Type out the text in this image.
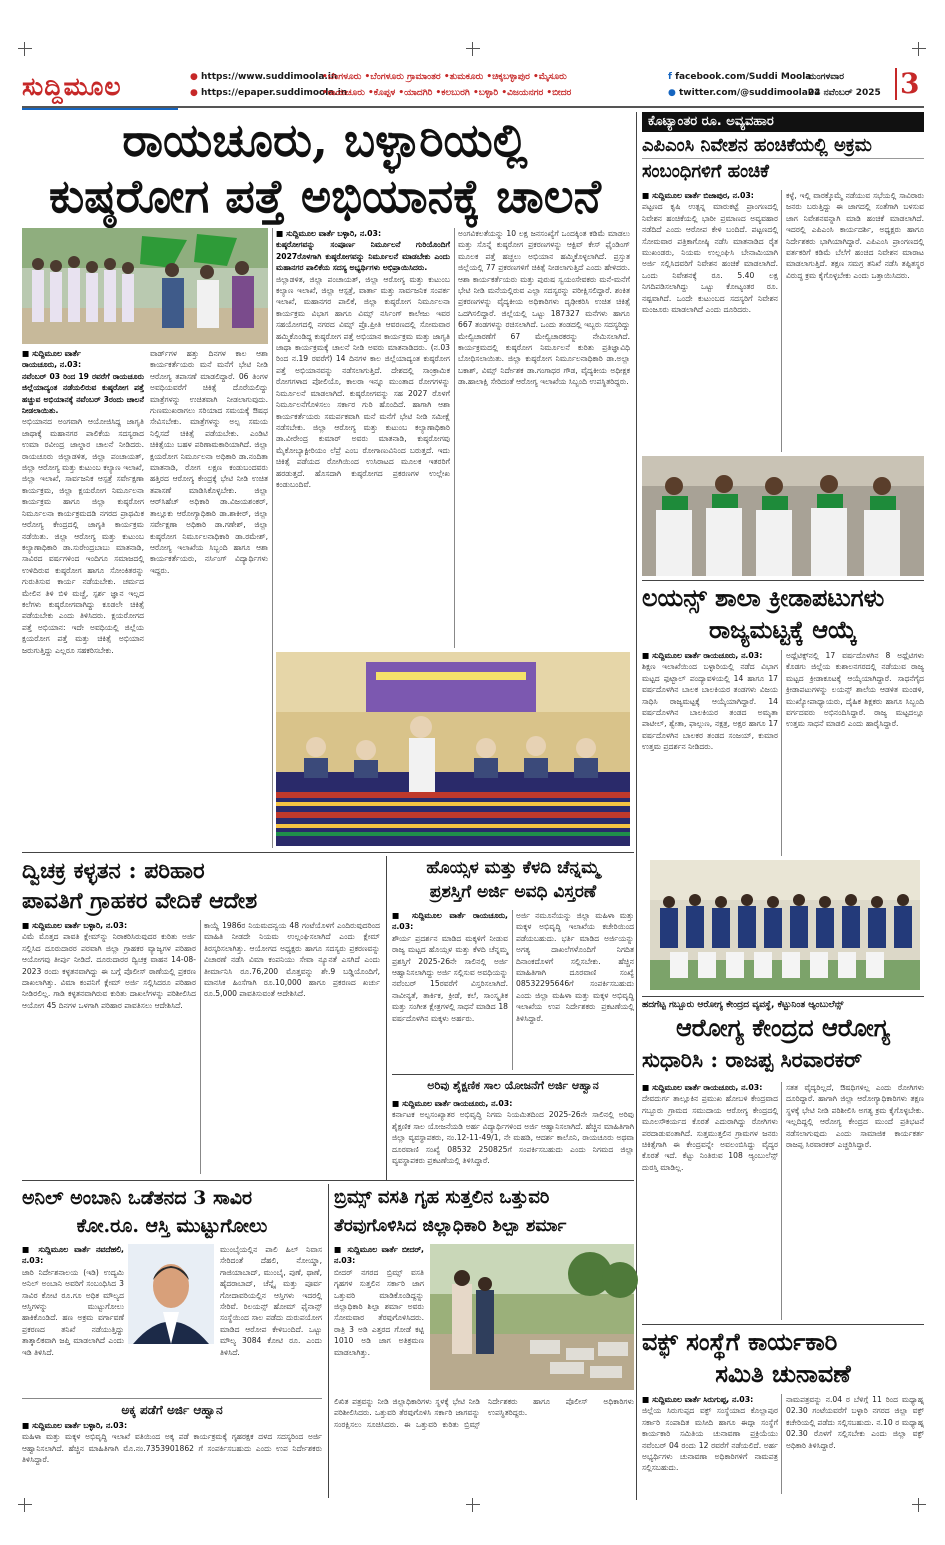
ಸುದ್ದಿಮೂಲ	● https://www.suddimoola.in
● https://epaper.suddimoola.in
•ಬೆಂಗಳೂರು •ಬೆಂಗಳೂರು ಗ್ರಾಮಾಂತರ •ತುಮಕೂರು •ಚಿಕ್ಕಬಳ್ಳಾಪುರ •ಮೈಸೂರು
•ರಾಯಚೂರು •ಕೊಪ್ಪಳ •ಯಾದಗಿರಿ •ಕಲಬುರಗಿ •ಬಳ್ಳಾರಿ •ವಿಜಯನಗರ •ಬೀದರ
f facebook.com/Suddi Moola
● twitter.com/@suddimoola22
ಮಂಗಳವಾರ
04 ನವೆಂಬರ್ 2025 3
ರಾಯಚೂರು, ಬಳ್ಳಾರಿಯಲ್ಲಿ
ಕುಷ್ಠರೋಗ ಪತ್ತೆ ಅಭಿಯಾನಕ್ಕೆ ಚಾಲನೆ
■ ಸುದ್ದಿಮೂಲ ವಾರ್ತೆ
ರಾಯಚೂರು, ನ.03:
ನವೆಂಬರ್ 03 ರಿಂದ 19 ರವರೆಗೆ ರಾಯಚೂರು ಜಿಲ್ಲೆಯಾದ್ಯಂತ ನಡೆಯಲಿರುವ ಕುಷ್ಠರೋಗ ಪತ್ತೆ ಹಚ್ಚುವ ಅಭಿಯಾನಕ್ಕೆ ನವೆಂಬರ್ 3ರಂದು ಚಾಲನೆ ನೀಡಲಾಯಿತು.
ಅಭಿಯಾನದ ಅಂಗವಾಗಿ ಆಯೋಜಿಸಿದ್ದ ಜಾಗೃತಿ ಜಾಥಾಕ್ಕೆ ಮಹಾನಗರ ಪಾಲಿಕೆಯ ಸದಸ್ಯರಾದ ಉಮಾ ರವೀಂದ್ರ ಜಾಲ್ದಾರ ಚಾಲನೆ ನೀಡಿದರು. ರಾಯಚೂರು ಜಿಲ್ಲಾಡಳಿತ, ಜಿಲ್ಲಾ ಪಂಚಾಯತ್, ಜಿಲ್ಲಾ ಆರೋಗ್ಯ ಮತ್ತು ಕುಟುಂಬ ಕಲ್ಯಾಣ ಇಲಾಖೆ, ಜಿಲ್ಲಾ ಇಲಾಖೆ, ಸಾರ್ವಜನಿಕ ಆಸ್ಪತ್ರೆ ಸರ್ವೇಕ್ಷಣಾ ಕಾರ್ಯಕ್ರಮ, ಜಿಲ್ಲಾ ಕ್ಷಯರೋಗ ನಿರ್ಮೂಲನಾ ಕಾರ್ಯಕ್ರಮ ಹಾಗೂ ಜಿಲ್ಲಾ ಕುಷ್ಠರೋಗ ನಿರ್ಮೂಲನಾ ಕಾರ್ಯಕ್ರಮದಡಿ ನಗರದ ಪ್ರಾಥಮಿಕ ಆರೋಗ್ಯ ಕೇಂದ್ರದಲ್ಲಿ ಜಾಗೃತಿ ಕಾರ್ಯಕ್ರಮ ನಡೆಯಿತು. ಜಿಲ್ಲಾ ಆರೋಗ್ಯ ಮತ್ತು ಕುಟುಂಬ ಕಲ್ಯಾಣಾಧಿಕಾರಿ ಡಾ.ಸುರೇಂದ್ರಬಾಬು ಮಾತನಾಡಿ, ಸಾವಿರದ ವರ್ಷಗಳಿಂದ ಇಂದಿಗೂ ಸಮಾಜದಲ್ಲಿ ಉಳಿದಿರುವ ಕುಷ್ಠರೋಗ ಹಾಗೂ ಸೋಂಕಿತರನ್ನು ಗುರುತಿಸುವ ಕಾರ್ಯ ನಡೆಯಬೇಕು. ಚರ್ಮದ ಮೇಲಿನ ತಿಳಿ ಬಿಳಿ ಮಚ್ಚೆ, ಸ್ಪರ್ಶ ಜ್ಞಾನ ಇಲ್ಲದ ಕಲೆಗಳು ಕುಷ್ಠರೋಗವಾಗಿದ್ದು ಕೂಡಲೇ ಚಿಕಿತ್ಸೆ ಪಡೆಯಬೇಕು ಎಂದು ತಿಳಿಸಿದರು. ಕ್ಷಯರೋಗದ ಪತ್ತೆ ಅಭಿಯಾನ: ಇದೇ ಅವಧಿಯಲ್ಲಿ ಜಿಲ್ಲೆಯ ಕ್ಷಯರೋಗ ಪತ್ತೆ ಮತ್ತು ಚಿಕಿತ್ಸೆ ಅಭಿಯಾನ ಜರುಗುತ್ತಿದ್ದು ಎಲ್ಲರೂ ಸಹಕರಿಸಬೇಕು.
ವಾರ್ಡ್‌ಗಳ ಹತ್ತು ದಿನಗಳ ಕಾಲ ಆಶಾ ಕಾರ್ಯಕರ್ತೆಯರು ಮನೆ ಮನೆಗೆ ಭೇಟಿ ನೀಡಿ ಆರೋಗ್ಯ ತಪಾಸಣೆ ಮಾಡಲಿದ್ದಾರೆ. 06 ತಿಂಗಳ ಅವಧಿಯವರೆಗೆ ಚಿಕಿತ್ಸೆ ದೊರೆಯಲಿದ್ದು ಮಾತ್ರೆಗಳನ್ನು ಉಚಿತವಾಗಿ ನೀಡಲಾಗುವುದು. ಗುಣಮುಖರಾಗಲು ಸರಿಯಾದ ಸಮಯಕ್ಕೆ ಔಷಧ ಸೇವಿಸಬೇಕು. ಮಾತ್ರೆಗಳನ್ನು ಅಲ್ಪ ಸಮಯ ನಿಲ್ಲಿಸದೆ ಚಿಕಿತ್ಸೆ ಪಡೆಯಬೇಕು. ಎಂಡಿಟಿ ಚಿಕಿತ್ಸೆಯು ಬಹಳ ಪರಿಣಾಮಕಾರಿಯಾಗಿದೆ. ಜಿಲ್ಲಾ ಕ್ಷಯರೋಗ ನಿರ್ಮೂಲನಾ ಅಧಿಕಾರಿ ಡಾ.ನಂದಿತಾ ಮಾತನಾಡಿ, ರೋಗ ಲಕ್ಷಣ ಕಂಡುಬಂದವರು ಹತ್ತಿರದ ಆರೋಗ್ಯ ಕೇಂದ್ರಕ್ಕೆ ಭೇಟಿ ನೀಡಿ ಉಚಿತ ತಪಾಸಣೆ ಮಾಡಿಸಿಕೊಳ್ಳಬೇಕು. ಜಿಲ್ಲಾ ಆರ್‌ಸಿಹೆಚ್ ಅಧಿಕಾರಿ ಡಾ.ವಿಜಯಶಂಕರ್, ತಾಲ್ಲೂಕು ಆರೋಗ್ಯಾಧಿಕಾರಿ ಡಾ.ಶಾಕೀರ್, ಜಿಲ್ಲಾ ಸರ್ವೇಕ್ಷಣಾ ಅಧಿಕಾರಿ ಡಾ.ಗಣೇಶ್, ಜಿಲ್ಲಾ ಕುಷ್ಠರೋಗ ನಿರ್ಮೂಲನಾಧಿಕಾರಿ ಡಾ.ರಮೇಶ್, ಆರೋಗ್ಯ ಇಲಾಖೆಯ ಸಿಬ್ಬಂದಿ ಹಾಗೂ ಆಶಾ ಕಾರ್ಯಕರ್ತೆಯರು, ನರ್ಸಿಂಗ್ ವಿದ್ಯಾರ್ಥಿಗಳು ಇದ್ದರು.
■ ಸುದ್ದಿಮೂಲ ವಾರ್ತೆ ಬಳ್ಳಾರಿ, ನ.03:
ಕುಷ್ಠರೋಗವನ್ನು ಸಂಪೂರ್ಣ ನಿರ್ಮೂಲನೆ ಗುರಿಯೊಂದಿಗೆ 2027ರೊಳಗಾಗಿ ಕುಷ್ಠರೋಗವನ್ನು ನಿರ್ಮೂಲನೆ ಮಾಡಬೇಕು ಎಂದು ಮಹಾನಗರ ಪಾಲಿಕೆಯ ಸದಸ್ಯ ಅಭ್ಯರ್ಥಿಗಳು ಅಭಿಪ್ರಾಯಿಸಿದರು.
ಜಿಲ್ಲಾಡಳಿತ, ಜಿಲ್ಲಾ ಪಂಚಾಯತ್, ಜಿಲ್ಲಾ ಆರೋಗ್ಯ ಮತ್ತು ಕುಟುಂಬ ಕಲ್ಯಾಣ ಇಲಾಖೆ, ಜಿಲ್ಲಾ ಆಸ್ಪತ್ರೆ, ವಾರ್ತಾ ಮತ್ತು ಸಾರ್ವಜನಿಕ ಸಂಪರ್ಕ ಇಲಾಖೆ, ಮಹಾನಗರ ಪಾಲಿಕೆ, ಜಿಲ್ಲಾ ಕುಷ್ಠರೋಗ ನಿರ್ಮೂಲನಾ ಕಾರ್ಯಕ್ರಮ ವಿಭಾಗ ಹಾಗೂ ವಿಮ್ಸ್ ನರ್ಸಿಂಗ್ ಕಾಲೇಜು ಇವರ ಸಹಯೋಗದಲ್ಲಿ ನಗರದ ವಿಮ್ಸ್ ಪ್ರೊ.ಪ್ರೀತಿ ಆವರಣದಲ್ಲಿ ಸೋಮವಾರ ಹಮ್ಮಿಕೊಂಡಿದ್ದ ಕುಷ್ಠರೋಗ ಪತ್ತೆ ಅಭಿಯಾನ ಕಾರ್ಯಕ್ರಮ ಮತ್ತು ಜಾಗೃತಿ ಜಾಥಾ ಕಾರ್ಯಕ್ರಮಕ್ಕೆ ಚಾಲನೆ ನೀಡಿ ಅವರು ಮಾತನಾಡಿದರು. (ನ.03 ರಿಂದ ನ.19 ರವರೆಗೆ) 14 ದಿನಗಳ ಕಾಲ ಜಿಲ್ಲೆಯಾದ್ಯಂತ ಕುಷ್ಠರೋಗ ಪತ್ತೆ ಅಭಿಯಾನವನ್ನು ನಡೆಸಲಾಗುತ್ತಿದೆ. ದೇಶದಲ್ಲಿ ಸಾಂಕ್ರಾಮಿಕ ರೋಗಗಳಾದ ಪೋಲಿಯೊ, ಕಾಲರಾ ಇನ್ನೂ ಮುಂತಾದ ರೋಗಗಳನ್ನು ನಿರ್ಮೂಲನೆ ಮಾಡಲಾಗಿದೆ. ಕುಷ್ಠರೋಗವನ್ನು ಸಹ 2027 ರೊಳಗೆ ನಿರ್ಮೂಲನೆಗೊಳಿಸಲು ಸರ್ಕಾರ ಗುರಿ ಹೊಂದಿದೆ. ಹಾಗಾಗಿ ಆಶಾ ಕಾರ್ಯಕರ್ತೆಯರು ಸಮರ್ಪಕವಾಗಿ ಮನೆ ಮನೆಗೆ ಭೇಟಿ ನೀಡಿ ಸಮೀಕ್ಷೆ ನಡೆಸಬೇಕು. ಜಿಲ್ಲಾ ಆರೋಗ್ಯ ಮತ್ತು ಕುಟುಂಬ ಕಲ್ಯಾಣಾಧಿಕಾರಿ ಡಾ.ವೀರೇಂದ್ರ ಕುಮಾರ್ ಅವರು ಮಾತನಾಡಿ, ಕುಷ್ಠರೋಗವು ಮೈಕೋಬ್ಯಾಕ್ಟೀರಿಯಂ ಲೆಪ್ರೆ ಎಂಬ ರೋಗಾಣುವಿನಿಂದ ಬರುತ್ತದೆ. ಇದು ಚಿಕಿತ್ಸೆ ಪಡೆಯದ ರೋಗಿಯಿಂದ ಉಸಿರಾಟದ ಮೂಲಕ ಇತರರಿಗೆ ಹರಡುತ್ತದೆ. ಹೊಸದಾಗಿ ಕುಷ್ಠರೋಗದ ಪ್ರಕರಣಗಳ ಉಲ್ಲೇಖ ಕಂಡುಬಂದಿವೆ.
ಅಂಗವಿಕಲತೆಯನ್ನು 10 ಲಕ್ಷ ಜನಸಂಖ್ಯೆಗೆ ಒಂದಕ್ಕಿಂತ ಕಡಿಮೆ ಮಾಡಲು ಮತ್ತು ಸೊನ್ನೆ ಕುಷ್ಠರೋಗ ಪ್ರಕರಣಗಳನ್ನು ಆಕ್ಟಿವ್ ಕೇಸ್ ಫೈಂಡಿಂಗ್ ಮೂಲಕ ಪತ್ತೆ ಹಚ್ಚಲು ಅಭಿಯಾನ ಹಮ್ಮಿಕೊಳ್ಳಲಾಗಿದೆ. ಪ್ರಸ್ತುತ ಜಿಲ್ಲೆಯಲ್ಲಿ 77 ಪ್ರಕರಣಗಳಿಗೆ ಚಿಕಿತ್ಸೆ ನೀಡಲಾಗುತ್ತಿದೆ ಎಂದು ಹೇಳಿದರು. ಆಶಾ ಕಾರ್ಯಕರ್ತೆಯರು ಮತ್ತು ಪುರುಷ ಸ್ವಯಂಸೇವಕರು ಮನೆ-ಮನೆಗೆ ಭೇಟಿ ನೀಡಿ ಮನೆಯಲ್ಲಿರುವ ಎಲ್ಲಾ ಸದಸ್ಯರನ್ನು ಪರೀಕ್ಷಿಸಲಿದ್ದಾರೆ. ಶಂಕಿತ ಪ್ರಕರಣಗಳನ್ನು ವೈದ್ಯಕೀಯ ಅಧಿಕಾರಿಗಳು ದೃಢೀಕರಿಸಿ ಉಚಿತ ಚಿಕಿತ್ಸೆ ಒದಗಿಸಲಿದ್ದಾರೆ. ಜಿಲ್ಲೆಯಲ್ಲಿ ಒಟ್ಟು 187327 ಮನೆಗಳು ಹಾಗೂ 667 ತಂಡಗಳನ್ನು ರಚಿಸಲಾಗಿದೆ. ಒಂದು ತಂಡದಲ್ಲಿ ಇಬ್ಬರು ಸದಸ್ಯರಿದ್ದು ಮೇಲ್ವಿಚಾರಣೆಗೆ 67 ಮೇಲ್ವಿಚಾರಕರನ್ನು ನೇಮಿಸಲಾಗಿದೆ. ಕಾರ್ಯಕ್ರಮದಲ್ಲಿ ಕುಷ್ಠರೋಗ ನಿರ್ಮೂಲನೆ ಕುರಿತು ಪ್ರತಿಜ್ಞಾವಿಧಿ ಬೋಧಿಸಲಾಯಿತು. ಜಿಲ್ಲಾ ಕುಷ್ಠರೋಗ ನಿರ್ಮೂಲನಾಧಿಕಾರಿ ಡಾ.ಅಲ್ಲಾ ಬಕಾಶ್, ವಿಮ್ಸ್ ನಿರ್ದೇಶಕ ಡಾ.ಗಂಗಾಧರ ಗೌಡ, ವೈದ್ಯಕೀಯ ಅಧೀಕ್ಷಕ ಡಾ.ಹಾಲಾಕ್ಷಿ ಸೇರಿದಂತೆ ಆರೋಗ್ಯ ಇಲಾಖೆಯ ಸಿಬ್ಬಂದಿ ಉಪಸ್ಥಿತರಿದ್ದರು.
ಕೊಟ್ಯಾಂತರ ರೂ. ಅವ್ಯವಹಾರ
ಎಪಿಎಂಸಿ ನಿವೇಶನ ಹಂಚಿಕೆಯಲ್ಲಿ ಅಕ್ರಮ
ಸಂಬಂಧಿಗಳಿಗೆ ಹಂಚಿಕೆ
■ ಸುದ್ದಿಮೂಲ ವಾರ್ತೆ ಬಿಜಾಪುರ, ನ.03:
ಪಟ್ಟಣದ ಕೃಷಿ ಉತ್ಪನ್ನ ಮಾರುಕಟ್ಟೆ ಪ್ರಾಂಗಣದಲ್ಲಿ ನಿವೇಶನ ಹಂಚಿಕೆಯಲ್ಲಿ ಭಾರೀ ಪ್ರಮಾಣದ ಅವ್ಯವಹಾರ ನಡೆದಿದೆ ಎಂದು ಆರೋಪ ಕೇಳಿ ಬಂದಿದೆ. ಪಟ್ಟಣದಲ್ಲಿ ಸೋಮವಾರ ಪತ್ರಿಕಾಗೋಷ್ಠಿ ನಡೆಸಿ ಮಾತನಾಡಿದ ರೈತ ಮುಖಂಡರು, ನಿಯಮ ಉಲ್ಲಂಘಿಸಿ ಬೇನಾಮಿಯಾಗಿ ಅರ್ಜಿ ಸಲ್ಲಿಸಿದವರಿಗೆ ನಿವೇಶನ ಹಂಚಿಕೆ ಮಾಡಲಾಗಿದೆ. ಒಂದು ನಿವೇಶನಕ್ಕೆ ರೂ. 5.40 ಲಕ್ಷ ನಿಗದಿಪಡಿಸಲಾಗಿದ್ದು ಒಟ್ಟು ಕೋಟ್ಯಂತರ ರೂ. ನಷ್ಟವಾಗಿದೆ. ಒಂದೇ ಕುಟುಂಬದ ಸದಸ್ಯರಿಗೆ ನಿವೇಶನ ಮಂಜೂರು ಮಾಡಲಾಗಿದೆ ಎಂದು ದೂರಿದರು.
ಕಳ್ಳೆ, ಇಲ್ಲಿ ವಾರಕ್ಕೊಮ್ಮೆ ನಡೆಯುವ ಸಭೆಯಲ್ಲಿ ಸಾವಿರಾರು ಜನರು ಬರುತ್ತಿದ್ದು ಈ ಜಾಗದಲ್ಲಿ ಸಂತೆಗಾಗಿ ಬಳಸುವ ಜಾಗ ನಿವೇಶನವನ್ನಾಗಿ ಮಾಡಿ ಹಂಚಿಕೆ ಮಾಡಲಾಗಿದೆ. ಇದರಲ್ಲಿ ಎಪಿಎಂಸಿ ಕಾರ್ಯದರ್ಶಿ, ಅಧ್ಯಕ್ಷರು ಹಾಗೂ ನಿರ್ದೇಶಕರು ಭಾಗಿಯಾಗಿದ್ದಾರೆ. ಎಪಿಎಂಸಿ ಪ್ರಾಂಗಣದಲ್ಲಿ ವರ್ತಕರಿಗೆ ಕಡಿಮೆ ಬೆಲೆಗೆ ಹಂಚಿದ ನಿವೇಶನ ಮಾರಾಟ ಮಾಡಲಾಗುತ್ತಿದೆ. ತಕ್ಷಣ ಸಮಗ್ರ ತನಿಖೆ ನಡೆಸಿ ತಪ್ಪಿತಸ್ಥರ ವಿರುದ್ಧ ಕ್ರಮ ಕೈಗೊಳ್ಳಬೇಕು ಎಂದು ಒತ್ತಾಯಿಸಿದರು.
ಲಯನ್ಸ್ ಶಾಲಾ ಕ್ರೀಡಾಪಟುಗಳು
ರಾಜ್ಯಮಟ್ಟಕ್ಕೆ ಆಯ್ಕೆ
■ ಸುದ್ದಿಮೂಲ ವಾರ್ತೆ ರಾಯಚೂರು, ನ.03:
ಶಿಕ್ಷಣ ಇಲಾಖೆಯಿಂದ ಬಳ್ಳಾರಿಯಲ್ಲಿ ನಡೆದ ವಿಭಾಗ ಮಟ್ಟದ ಫುಟ್ಬಾಲ್ ಪಂದ್ಯಾವಳಿಯಲ್ಲಿ 14 ಹಾಗೂ 17 ವರ್ಷದೊಳಗಿನ ಬಾಲಕ ಬಾಲಕಿಯರ ತಂಡಗಳು ವಿಜಯ ಸಾಧಿಸಿ ರಾಜ್ಯಮಟ್ಟಕ್ಕೆ ಆಯ್ಕೆಯಾಗಿದ್ದಾರೆ. 14 ವರ್ಷದೊಳಗಿನ ಬಾಲಕಿಯರ ತಂಡದ ಅಮೃತಾ ಪಾಟೀಲ್, ಶ್ವೇತಾ, ಫಾಲ್ಗುಣ, ನಕ್ಷತ್ರ, ಅಕ್ಷರ ಹಾಗೂ 17 ವರ್ಷದೊಳಗಿನ ಬಾಲಕರ ತಂಡದ ಸಂಜಯ್, ಕುಮಾರ ಉತ್ತಮ ಪ್ರದರ್ಶನ ನೀಡಿದರು.
ಅಥ್ಲೆಟಿಕ್ಸ್‌ನಲ್ಲಿ 17 ವರ್ಷದೊಳಗಿನ 8 ಅಥ್ಲೆಟಿಗಳು ಕೊಡಗು ಜಿಲ್ಲೆಯ ಕುಶಾಲನಗರದಲ್ಲಿ ನಡೆಯುವ ರಾಜ್ಯ ಮಟ್ಟದ ಕ್ರೀಡಾಕೂಟಕ್ಕೆ ಆಯ್ಕೆಯಾಗಿದ್ದಾರೆ. ಸಾಧನೆಗೈದ ಕ್ರೀಡಾಪಟುಗಳನ್ನು ಲಯನ್ಸ್ ಶಾಲೆಯ ಆಡಳಿತ ಮಂಡಳಿ, ಮುಖ್ಯೋಪಾಧ್ಯಾಯರು, ದೈಹಿಕ ಶಿಕ್ಷಕರು ಹಾಗೂ ಸಿಬ್ಬಂದಿ ವರ್ಗದವರು ಅಭಿನಂದಿಸಿದ್ದಾರೆ. ರಾಜ್ಯ ಮಟ್ಟದಲ್ಲೂ ಉತ್ತಮ ಸಾಧನೆ ಮಾಡಲಿ ಎಂದು ಹಾರೈಸಿದ್ದಾರೆ.
ಹದಗೆಟ್ಟ ಗಬ್ಬೂರು ಆರೋಗ್ಯ ಕೇಂದ್ರದ ವ್ಯವಸ್ಥೆ, ಕೆಟ್ಟುನಿಂತ ಆ್ಯಂಬುಲೆನ್ಸ್
ಆರೋಗ್ಯ ಕೇಂದ್ರದ ಆರೋಗ್ಯ
ಸುಧಾರಿಸಿ : ರಾಜಪ್ಪ ಸಿರವಾರಕರ್
■ ಸುದ್ದಿಮೂಲ ವಾರ್ತೆ ರಾಯಚೂರು, ನ.03:
ದೇವದುರ್ಗ ತಾಲ್ಲೂಕಿನ ಪ್ರಮುಖ ಹೋಬಳಿ ಕೇಂದ್ರವಾದ ಗಬ್ಬೂರು ಗ್ರಾಮದ ಸಮುದಾಯ ಆರೋಗ್ಯ ಕೇಂದ್ರದಲ್ಲಿ ಮೂಲಸೌಕರ್ಯದ ಕೊರತೆ ಎದುರಾಗಿದ್ದು ರೋಗಿಗಳು ಪರದಾಡುವಂತಾಗಿದೆ. ಸುತ್ತಮುತ್ತಲಿನ ಗ್ರಾಮಗಳ ಜನರು ಚಿಕಿತ್ಸೆಗಾಗಿ ಈ ಕೇಂದ್ರವನ್ನೇ ಅವಲಂಬಿಸಿದ್ದು ವೈದ್ಯರ ಕೊರತೆ ಇದೆ. ಕೆಟ್ಟು ನಿಂತಿರುವ 108 ಆ್ಯಂಬುಲೆನ್ಸ್ ದುರಸ್ತಿ ಮಾಡಿಲ್ಲ.
ಸತತ ವೈದ್ಯರಿಲ್ಲದೆ, ಔಷಧಿಗಳಿಲ್ಲ ಎಂದು ರೋಗಿಗಳು ದೂರಿದ್ದಾರೆ. ಹಾಗಾಗಿ ಜಿಲ್ಲಾ ಆರೋಗ್ಯಾಧಿಕಾರಿಗಳು ತಕ್ಷಣ ಸ್ಥಳಕ್ಕೆ ಭೇಟಿ ನೀಡಿ ಪರಿಶೀಲಿಸಿ ಅಗತ್ಯ ಕ್ರಮ ಕೈಗೊಳ್ಳಬೇಕು. ಇಲ್ಲದಿದ್ದಲ್ಲಿ ಆರೋಗ್ಯ ಕೇಂದ್ರದ ಮುಂದೆ ಪ್ರತಿಭಟನೆ ನಡೆಸಲಾಗುವುದು ಎಂದು ಸಾಮಾಜಿಕ ಕಾರ್ಯಕರ್ತ ರಾಜಪ್ಪ ಸಿರವಾರಕರ್ ಎಚ್ಚರಿಸಿದ್ದಾರೆ.
ವಕ್ಫ್ ಸಂಸ್ಥೆಗೆ ಕಾರ್ಯಕಾರಿ
ಸಮಿತಿ ಚುನಾವಣೆ
■ ಸುದ್ದಿಮೂಲ ವಾರ್ತೆ ಸಿರುಗುಪ್ಪ, ನ.03:
ಜಿಲ್ಲೆಯ ಸಿರುಗುಪ್ಪದ ವಕ್ಫ್ ಸಂಸ್ಥೆಯಾದ ಕೊಲ್ಲಾಪುರ ಸರ್ಕಾರಿ ಸಂಪಾದಿತ ಮಸೀದಿ ಹಾಗೂ ಈದ್ಗಾ ಸಂಸ್ಥೆಗೆ ಕಾರ್ಯಕಾರಿ ಸಮಿತಿಯ ಚುನಾವಣಾ ಪ್ರಕ್ರಿಯೆಯು ನವೆಂಬರ್ 04 ರಂದು 12 ರವರೆಗೆ ನಡೆಯಲಿದೆ. ಅರ್ಹ ಅಭ್ಯರ್ಥಿಗಳು ಚುನಾವಣಾ ಅಧಿಕಾರಿಗಳಿಗೆ ನಾಮಪತ್ರ ಸಲ್ಲಿಸಬಹುದು.
ನಾಮಪತ್ರವನ್ನು ನ.04 ರ ಬೆಳಿಗ್ಗೆ 11 ರಿಂದ ಮಧ್ಯಾಹ್ನ 02.30 ಗಂಟೆಯವರೆಗೆ ಬಳ್ಳಾರಿ ನಗರದ ಜಿಲ್ಲಾ ವಕ್ಫ್ ಕಚೇರಿಯಲ್ಲಿ ಪಡೆದು ಸಲ್ಲಿಸಬಹುದು. ನ.10 ರ ಮಧ್ಯಾಹ್ನ 02.30 ರೊಳಗೆ ಸಲ್ಲಿಸಬೇಕು ಎಂದು ಜಿಲ್ಲಾ ವಕ್ಫ್ ಅಧಿಕಾರಿ ತಿಳಿಸಿದ್ದಾರೆ.
ದ್ವಿಚಕ್ರ ಕಳ್ಳತನ : ಪರಿಹಾರ
ಪಾವತಿಗೆ ಗ್ರಾಹಕರ ವೇದಿಕೆ ಆದೇಶ
■ ಸುದ್ದಿಮೂಲ ವಾರ್ತೆ ಬಳ್ಳಾರಿ, ನ.03:
ವಿಮೆ ಮೊತ್ತದ ಪಾವತಿ ಕ್ಲೇಮ್‌ನ್ನು ನಿರಾಕರಿಸಿರುವುದರ ಕುರಿತು ಅರ್ಜಿ ಸಲ್ಲಿಸಿದ ದೂರುದಾರರ ಪರವಾಗಿ ಜಿಲ್ಲಾ ಗ್ರಾಹಕರ ವ್ಯಾಜ್ಯಗಳ ಪರಿಹಾರ ಆಯೋಗವು ತೀರ್ಪು ನೀಡಿದೆ. ದೂರುದಾರರ ದ್ವಿಚಕ್ರ ವಾಹನ 14-08-2023 ರಂದು ಕಳ್ಳತನವಾಗಿದ್ದು ಈ ಬಗ್ಗೆ ಪೊಲೀಸ್ ಠಾಣೆಯಲ್ಲಿ ಪ್ರಕರಣ ದಾಖಲಾಗಿತ್ತು. ವಿಮಾ ಕಂಪನಿಗೆ ಕ್ಲೇಮ್ ಅರ್ಜಿ ಸಲ್ಲಿಸಿದರೂ ಪರಿಹಾರ ನೀಡಿರಲಿಲ್ಲ. ಗಾಡಿ ಕಳ್ಳತನವಾಗಿರುವ ಕುರಿತು ದಾಖಲೆಗಳನ್ನು ಪರಿಶೀಲಿಸಿದ ಆಯೋಗ 45 ದಿನಗಳ ಒಳಗಾಗಿ ಪರಿಹಾರ ಪಾವತಿಸಲು ಆದೇಶಿಸಿದೆ.
ಕಾಯ್ದೆ 1986ರ ನಿಯಮದನ್ವಯ 48 ಗಂಟೆಯೊಳಗೆ ಎಂದಿರುವುದರಿಂದ ಮಾಹಿತಿ ನೀಡದೇ ನಿಯಮ ಉಲ್ಲಂಘಿಸಲಾಗಿದೆ ಎಂದು ಕ್ಲೇಮ್ ತಿರಸ್ಕರಿಸಲಾಗಿತ್ತು. ಆಯೋಗದ ಅಧ್ಯಕ್ಷರು ಹಾಗೂ ಸದಸ್ಯರು ಪ್ರಕರಣವನ್ನು ವಿಚಾರಣೆ ನಡೆಸಿ ವಿಮಾ ಕಂಪನಿಯು ಸೇವಾ ನ್ಯೂನತೆ ಎಸಗಿದೆ ಎಂದು ತೀರ್ಮಾನಿಸಿ ರೂ.76,200 ಮೊತ್ತವನ್ನು ಶೇ.9 ಬಡ್ಡಿಯೊಂದಿಗೆ, ಮಾನಸಿಕ ಹಿಂಸೆಗಾಗಿ ರೂ.10,000 ಹಾಗೂ ಪ್ರಕರಣದ ಖರ್ಚು ರೂ.5,000 ಪಾವತಿಸುವಂತೆ ಆದೇಶಿಸಿದೆ.
ಹೊಯ್ಸಳ ಮತ್ತು ಕೆಳದಿ ಚೆನ್ನಮ್ಮ
ಪ್ರಶಸ್ತಿಗೆ ಅರ್ಜಿ ಅವಧಿ ವಿಸ್ತರಣೆ
■ ಸುದ್ದಿಮೂಲ ವಾರ್ತೆ ರಾಯಚೂರು, ನ.03:
ಶೌರ್ಯ ಪ್ರದರ್ಶನ ಮಾಡಿದ ಮಕ್ಕಳಿಗೆ ನೀಡುವ ರಾಜ್ಯ ಮಟ್ಟದ ಹೊಯ್ಸಳ ಮತ್ತು ಕೆಳದಿ ಚೆನ್ನಮ್ಮ ಪ್ರಶಸ್ತಿಗೆ 2025-26ನೇ ಸಾಲಿನಲ್ಲಿ ಅರ್ಜಿ ಆಹ್ವಾನಿಸಲಾಗಿದ್ದು ಅರ್ಜಿ ಸಲ್ಲಿಸುವ ಅವಧಿಯನ್ನು ನವೆಂಬರ್ 15ರವರೆಗೆ ವಿಸ್ತರಿಸಲಾಗಿದೆ. ನಾವೀನ್ಯತೆ, ತಾರ್ಕಿಕ, ಕ್ರೀಡೆ, ಕಲೆ, ಸಾಂಸ್ಕೃತಿಕ ಮತ್ತು ಸಂಗೀತ ಕ್ಷೇತ್ರಗಳಲ್ಲಿ ಸಾಧನೆ ಮಾಡಿದ 18 ವರ್ಷದೊಳಗಿನ ಮಕ್ಕಳು ಅರ್ಹರು.
ಅರ್ಜಿ ನಮೂನೆಯನ್ನು ಜಿಲ್ಲಾ ಮಹಿಳಾ ಮತ್ತು ಮಕ್ಕಳ ಅಭಿವೃದ್ಧಿ ಇಲಾಖೆಯ ಕಚೇರಿಯಿಂದ ಪಡೆಯಬಹುದು. ಭರ್ತಿ ಮಾಡಿದ ಅರ್ಜಿಯನ್ನು ಅಗತ್ಯ ದಾಖಲೆಗಳೊಂದಿಗೆ ನಿಗದಿತ ದಿನಾಂಕದೊಳಗೆ ಸಲ್ಲಿಸಬೇಕು. ಹೆಚ್ಚಿನ ಮಾಹಿತಿಗಾಗಿ ದೂರವಾಣಿ ಸಂಖ್ಯೆ 08532295646ಗೆ ಸಂಪರ್ಕಿಸಬಹುದು ಎಂದು ಜಿಲ್ಲಾ ಮಹಿಳಾ ಮತ್ತು ಮಕ್ಕಳ ಅಭಿವೃದ್ಧಿ ಇಲಾಖೆಯ ಉಪ ನಿರ್ದೇಶಕರು ಪ್ರಕಟಣೆಯಲ್ಲಿ ತಿಳಿಸಿದ್ದಾರೆ.
ಅರಿವು ಶೈಕ್ಷಣಿಕ ಸಾಲ ಯೋಜನೆಗೆ ಅರ್ಜಿ ಆಹ್ವಾನ
■ ಸುದ್ದಿಮೂಲ ವಾರ್ತೆ ರಾಯಚೂರು, ನ.03:
ಕರ್ನಾಟಕ ಅಲ್ಪಸಂಖ್ಯಾತರ ಅಭಿವೃದ್ಧಿ ನಿಗಮ ನಿಯಮಿತದಿಂದ 2025-26ನೇ ಸಾಲಿನಲ್ಲಿ ಅರಿವು ಶೈಕ್ಷಣಿಕ ಸಾಲ ಯೋಜನೆಯಡಿ ಅರ್ಹ ವಿದ್ಯಾರ್ಥಿಗಳಿಂದ ಅರ್ಜಿ ಆಹ್ವಾನಿಸಲಾಗಿದೆ. ಹೆಚ್ಚಿನ ಮಾಹಿತಿಗಾಗಿ ಜಿಲ್ಲಾ ವ್ಯವಸ್ಥಾಪಕರು, ನಂ.12-11-49/1, ನೇ ಮಹಡಿ, ಆದರ್ಶ ಕಾಲೊನಿ, ರಾಯಚೂರು ಅಥವಾ ದೂರವಾಣಿ ಸಂಖ್ಯೆ 08532 250825ಗೆ ಸಂಪರ್ಕಿಸಬಹುದು ಎಂದು ನಿಗಮದ ಜಿಲ್ಲಾ ವ್ಯವಸ್ಥಾಪಕರು ಪ್ರಕಟಣೆಯಲ್ಲಿ ತಿಳಿಸಿದ್ದಾರೆ.
ಅನಿಲ್ ಅಂಬಾನಿ ಒಡೆತನದ 3 ಸಾವಿರ
ಕೋ.ರೂ. ಆಸ್ತಿ ಮುಟ್ಟುಗೋಲು
■ ಸುದ್ದಿಮೂಲ ವಾರ್ತೆ ನವದೆಹಲಿ, ನ.03:
ಜಾರಿ ನಿರ್ದೇಶನಾಲಯ (ಇಡಿ) ಉದ್ಯಮಿ ಅನಿಲ್ ಅಂಬಾನಿ ಅವರಿಗೆ ಸಂಬಂಧಿಸಿದ 3 ಸಾವಿರ ಕೋಟಿ ರೂ.ಗೂ ಅಧಿಕ ಮೌಲ್ಯದ ಆಸ್ತಿಗಳನ್ನು ಮುಟ್ಟುಗೋಲು ಹಾಕಿಕೊಂಡಿದೆ. ಹಣ ಅಕ್ರಮ ವರ್ಗಾವಣೆ ಪ್ರಕರಣದ ತನಿಖೆ ನಡೆಯುತ್ತಿದ್ದು ತಾತ್ಕಾಲಿಕವಾಗಿ ಜಪ್ತಿ ಮಾಡಲಾಗಿದೆ ಎಂದು ಇಡಿ ತಿಳಿಸಿದೆ.
ಮುಂಬೈಯಲ್ಲಿನ ಪಾಲಿ ಹಿಲ್ ನಿವಾಸ ಸೇರಿದಂತೆ ದೆಹಲಿ, ನೋಯ್ಡಾ, ಗಾಜಿಯಾಬಾದ್, ಮುಂಬೈ, ಪುಣೆ, ಥಾಣೆ, ಹೈದರಾಬಾದ್, ಚೆನ್ನೈ ಮತ್ತು ಪೂರ್ವ ಗೋದಾವರಿಯಲ್ಲಿನ ಆಸ್ತಿಗಳು ಇದರಲ್ಲಿ ಸೇರಿವೆ. ರಿಲಯನ್ಸ್ ಹೋಮ್ ಫೈನಾನ್ಸ್ ಸಂಸ್ಥೆಯಿಂದ ಸಾಲ ಪಡೆದು ದುರುಪಯೋಗ ಮಾಡಿದ ಆರೋಪ ಕೇಳಿಬಂದಿದೆ. ಒಟ್ಟು ಮೌಲ್ಯ 3084 ಕೋಟಿ ರೂ. ಎಂದು ತಿಳಿಸಿದೆ.
ಅಕ್ಕ ಪಡೆಗೆ ಅರ್ಜಿ ಆಹ್ವಾನ
■ ಸುದ್ದಿಮೂಲ ವಾರ್ತೆ ಬಳ್ಳಾರಿ, ನ.03:
ಮಹಿಳಾ ಮತ್ತು ಮಕ್ಕಳ ಅಭಿವೃದ್ಧಿ ಇಲಾಖೆ ವತಿಯಿಂದ ಅಕ್ಕ ಪಡೆ ಕಾರ್ಯಕ್ರಮಕ್ಕೆ ಗೃಹರಕ್ಷಕ ದಳದ ಸದಸ್ಯರಿಂದ ಅರ್ಜಿ ಆಹ್ವಾನಿಸಲಾಗಿದೆ. ಹೆಚ್ಚಿನ ಮಾಹಿತಿಗಾಗಿ ಮೊ.ನಂ.7353901862 ಗೆ ಸಂಪರ್ಕಿಸಬಹುದು ಎಂದು ಉಪ ನಿರ್ದೇಶಕರು ತಿಳಿಸಿದ್ದಾರೆ.
ಬ್ರಿಮ್ಸ್ ವಸತಿ ಗೃಹ ಸುತ್ತಲಿನ ಒತ್ತುವರಿ
ತೆರವುಗೊಳಿಸಿದ ಜಿಲ್ಲಾಧಿಕಾರಿ ಶಿಲ್ಪಾ ಶರ್ಮಾ
■ ಸುದ್ದಿಮೂಲ ವಾರ್ತೆ ಬೀದರ್, ನ.03:
ಬೀದರ್ ನಗರದ ಬ್ರಿಮ್ಸ್ ವಸತಿ ಗೃಹಗಳ ಸುತ್ತಲಿನ ಸರ್ಕಾರಿ ಜಾಗ ಒತ್ತುವರಿ ಮಾಡಿಕೊಂಡಿದ್ದನ್ನು ಜಿಲ್ಲಾಧಿಕಾರಿ ಶಿಲ್ಪಾ ಶರ್ಮಾ ಅವರು ಸೋಮವಾರ ತೆರವುಗೊಳಿಸಿದರು. ರಾತ್ರಿ 3 ಅಡಿ ಎತ್ತರದ ಗೋಡೆ ಕಟ್ಟಿ 1010 ಅಡಿ ಜಾಗ ಅತಿಕ್ರಮಣ ಮಾಡಲಾಗಿತ್ತು.
ಲಿಖಿತ ಪತ್ರವನ್ನು ನೀಡಿ ಜಿಲ್ಲಾಧಿಕಾರಿಗಳು ಸ್ಥಳಕ್ಕೆ ಭೇಟಿ ನೀಡಿ ಪರಿಶೀಲಿಸಿದರು. ಒತ್ತುವರಿ ತೆರವುಗೊಳಿಸಿ ಸರ್ಕಾರಿ ಜಾಗವನ್ನು ಸಂರಕ್ಷಿಸಲು ಸೂಚಿಸಿದರು. ಈ ಒತ್ತುವರಿ ಕುರಿತು ಬ್ರಿಮ್ಸ್ ನಿರ್ದೇಶಕರು ಹಾಗೂ ಪೊಲೀಸ್ ಅಧಿಕಾರಿಗಳು ಉಪಸ್ಥಿತರಿದ್ದರು.
